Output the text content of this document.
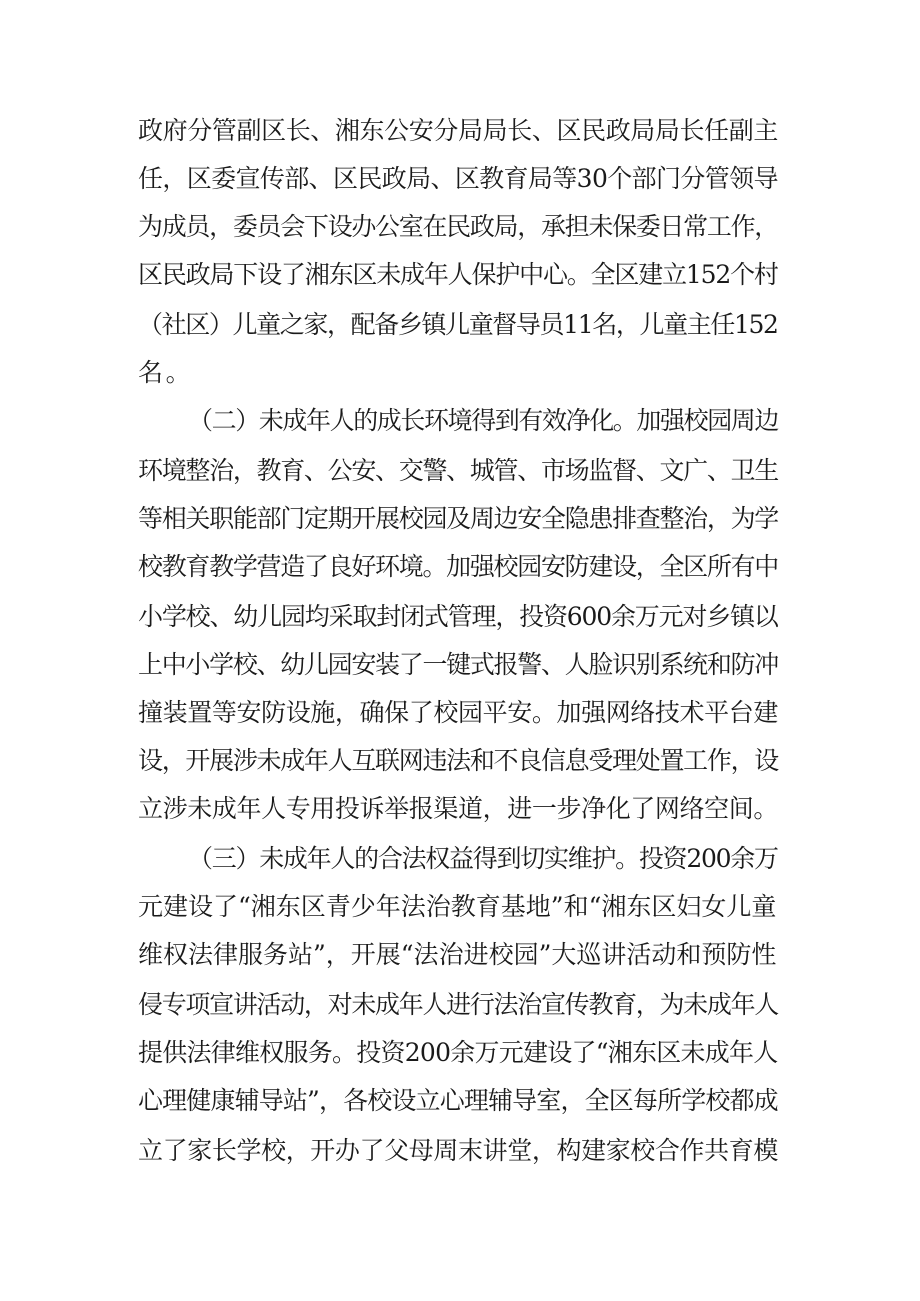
政府分管副区长、湘东公安分局局长、区民政局局长任副主
任，区委宣传部、区民政局、区教育局等30个部门分管领导
为成员，委员会下设办公室在民政局，承担未保委日常工作，
区民政局下设了湘东区未成年人保护中心。全区建立152个村
（社区）儿童之家，配备乡镇儿童督导员11名，儿童主任152
名。
（二）未成年人的成长环境得到有效净化。加强校园周边
环境整治，教育、公安、交警、城管、市场监督、文广、卫生
等相关职能部门定期开展校园及周边安全隐患排查整治，为学
校教育教学营造了良好环境。加强校园安防建设，全区所有中
小学校、幼儿园均采取封闭式管理，投资600余万元对乡镇以
上中小学校、幼儿园安装了一键式报警、人脸识别系统和防冲
撞装置等安防设施，确保了校园平安。加强网络技术平台建
设，开展涉未成年人互联网违法和不良信息受理处置工作，设
立涉未成年人专用投诉举报渠道，进一步净化了网络空间。
（三）未成年人的合法权益得到切实维护。投资200余万
元建设了“湘东区青少年法治教育基地”和“湘东区妇女儿童
维权法律服务站”，开展“法治进校园”大巡讲活动和预防性
侵专项宣讲活动，对未成年人进行法治宣传教育，为未成年人
提供法律维权服务。投资200余万元建设了“湘东区未成年人
心理健康辅导站”，各校设立心理辅导室，全区每所学校都成
立了家长学校，开办了父母周末讲堂，构建家校合作共育模
